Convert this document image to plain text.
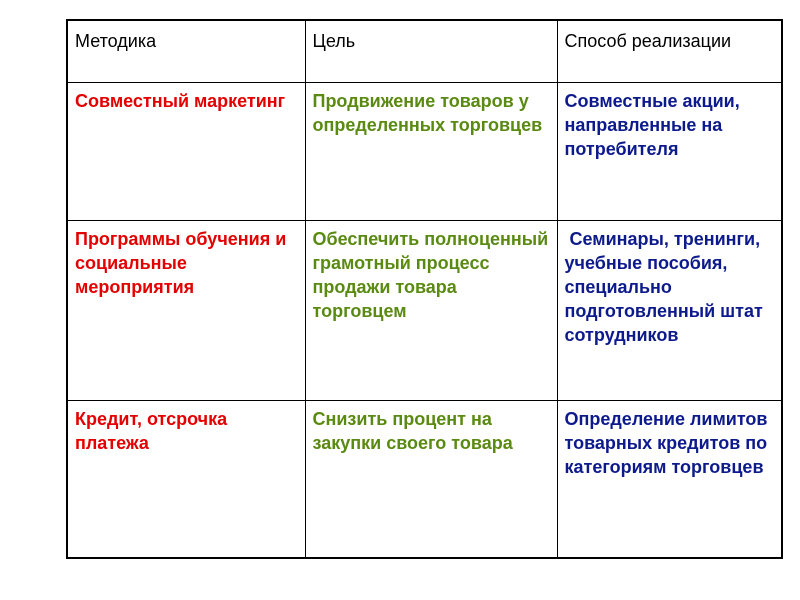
Методика	Цель	Способ реализации
Совместный маркетинг	Продвижение товаров у определенных торговцев	Совместные акции, направленные на потребителя
Программы обучения и социальные мероприятия	Обеспечить полноценный грамотный процесс продажи товара торговцем	Семинары, тренинги, учебные пособия, специально подготовленный штат сотрудников
Кредит, отсрочка платежа	Снизить процент на закупки своего товара	Определение лимитов товарных кредитов по категориям торговцев
